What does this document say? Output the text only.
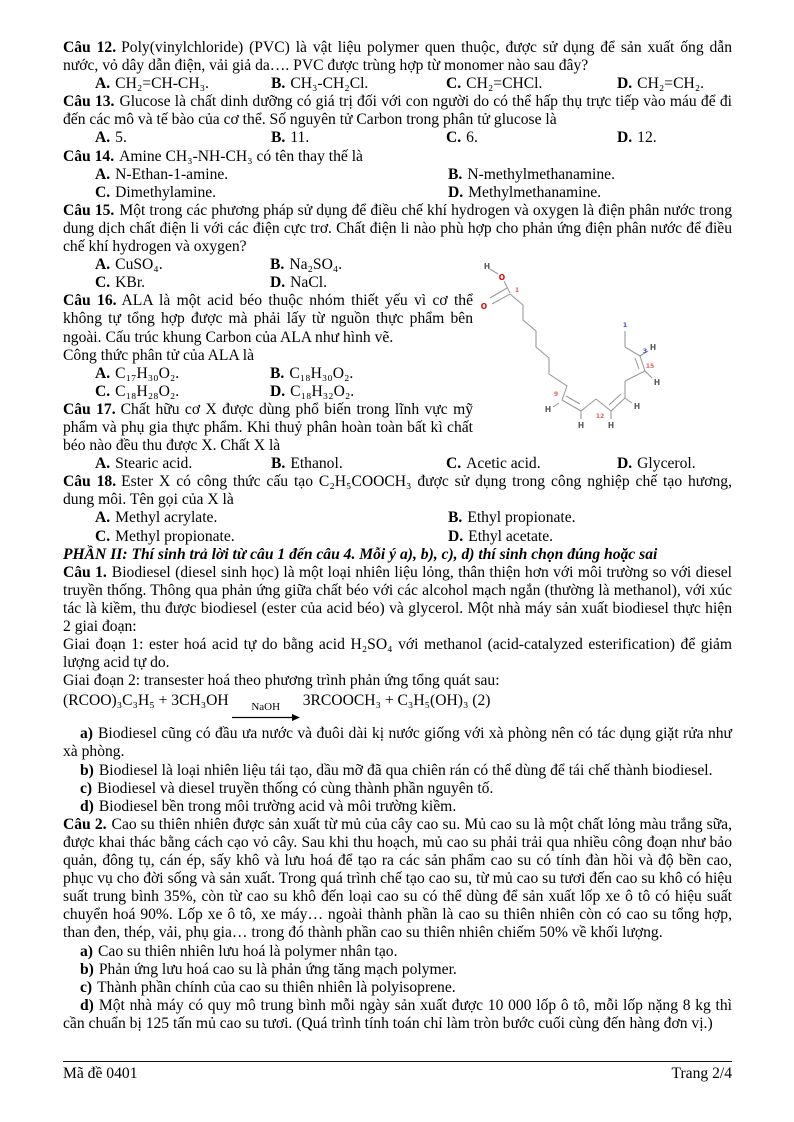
Câu 12. Poly(vinylchloride) (PVC) là vật liệu polymer quen thuộc, được sử dụng để sản xuất ống dẫn nước, vỏ dây dẫn điện, vải giả da…. PVC được trùng hợp từ monomer nào sau đây?

A. CH₂=CH-CH₃.	B. CH₃-CH₂Cl.	C. CH₂=CHCl.	D. CH₂=CH₂.

Câu 13. Glucose là chất dinh dưỡng có giá trị đối với con người do có thể hấp thụ trực tiếp vào máu để đi đến các mô và tế bào của cơ thể. Số nguyên tử Carbon trong phân tử glucose là

A. 5.	B. 11.	C. 6.	D. 12.

Câu 14. Amine CH₃-NH-CH₃ có tên thay thế là

A. N-Ethan-1-amine.	B. N-methylmethanamine.
C. Dimethylamine.	D. Methylmethanamine.

Câu 15. Một trong các phương pháp sử dụng để điều chế khí hydrogen và oxygen là điện phân nước trong dung dịch chất điện li với các điện cực trơ. Chất điện li nào phù hợp cho phản ứng điện phân nước để điều chế khí hydrogen và oxygen?

A. CuSO₄.	B. Na₂SO₄.
C. KBr.	D. NaCl.

Câu 16. ALA là một acid béo thuộc nhóm thiết yếu vì cơ thể không tự tổng hợp được mà phải lấy từ nguồn thực phẩm bên ngoài. Cấu trúc khung Carbon của ALA như hình vẽ.

Công thức phân tử của ALA là

A. C₁₇H₃₀O₂.	B. C₁₈H₃₀O₂.
C. C₁₈H₂₈O₂.	D. C₁₈H₃₂O₂.

Câu 17. Chất hữu cơ X được dùng phổ biến trong lĩnh vực mỹ phẩm và phụ gia thực phẩm. Khi thuỷ phân hoàn toàn bất kì chất béo nào đều thu được X. Chất X là

A. Stearic acid.	B. Ethanol.	C. Acetic acid.	D. Glycerol.

Câu 18. Ester X có công thức cấu tạo C₂H₅COOCH₃ được sử dụng trong công nghiệp chế tạo hương, dung môi. Tên gọi của X là

A. Methyl acrylate.	B. Ethyl propionate.
C. Methyl propionate.	D. Ethyl acetate.

PHẦN II: Thí sinh trả lời từ câu 1 đến câu 4. Mỗi ý a), b), c), d) thí sinh chọn đúng hoặc sai

Câu 1. Biodiesel (diesel sinh học) là một loại nhiên liệu lỏng, thân thiện hơn với môi trường so với diesel truyền thống. Thông qua phản ứng giữa chất béo với các alcohol mạch ngắn (thường là methanol), với xúc tác là kiềm, thu được biodiesel (ester của acid béo) và glycerol. Một nhà máy sản xuất biodiesel thực hiện 2 giai đoạn:

Giai đoạn 1: ester hoá acid tự do bằng acid H₂SO₄ với methanol (acid-catalyzed esterification) để giảm lượng acid tự do.

Giai đoạn 2: transester hoá theo phương trình phản ứng tổng quát sau:

(RCOO)₃C₃H₅ + 3CH₃OH	NaOH	3RCOOCH₃ + C₃H₅(OH)₃ (2)

a) Biodiesel cũng có đầu ưa nước và đuôi dài kị nước giống với xà phòng nên có tác dụng giặt rửa như xà phòng.

b) Biodiesel là loại nhiên liệu tái tạo, dầu mỡ đã qua chiên rán có thể dùng để tái chế thành biodiesel.

c) Biodiesel và diesel truyền thống có cùng thành phần nguyên tố.

d) Biodiesel bền trong môi trường acid và môi trường kiềm.

Câu 2. Cao su thiên nhiên được sản xuất từ mủ của cây cao su. Mủ cao su là một chất lỏng màu trắng sữa, được khai thác bằng cách cạo vỏ cây. Sau khi thu hoạch, mủ cao su phải trải qua nhiều công đoạn như bảo quản, đông tụ, cán ép, sấy khô và lưu hoá để tạo ra các sản phẩm cao su có tính đàn hồi và độ bền cao, phục vụ cho đời sống và sản xuất. Trong quá trình chế tạo cao su, từ mủ cao su tươi đến cao su khô có hiệu suất trung bình 35%, còn từ cao su khô đến loại cao su có thể dùng để sản xuất lốp xe ô tô có hiệu suất chuyển hoá 90%. Lốp xe ô tô, xe máy… ngoài thành phần là cao su thiên nhiên còn có cao su tổng hợp, than đen, thép, vải, phụ gia… trong đó thành phần cao su thiên nhiên chiếm 50% về khối lượng.

a) Cao su thiên nhiên lưu hoá là polymer nhân tạo.

b) Phản ứng lưu hoá cao su là phản ứng tăng mạch polymer.

c) Thành phần chính của cao su thiên nhiên là polyisoprene.

d) Một nhà máy có quy mô trung bình mỗi ngày sản xuất được 10 000 lốp ô tô, mỗi lốp nặng 8 kg thì cần chuẩn bị 125 tấn mủ cao su tươi. (Quá trình tính toán chỉ làm tròn bước cuối cùng đến hàng đơn vị.)

H
O
O
H
H	H
H
H
H
1
9
12
15
1
3
Mã đề 0401	Trang 2/4
